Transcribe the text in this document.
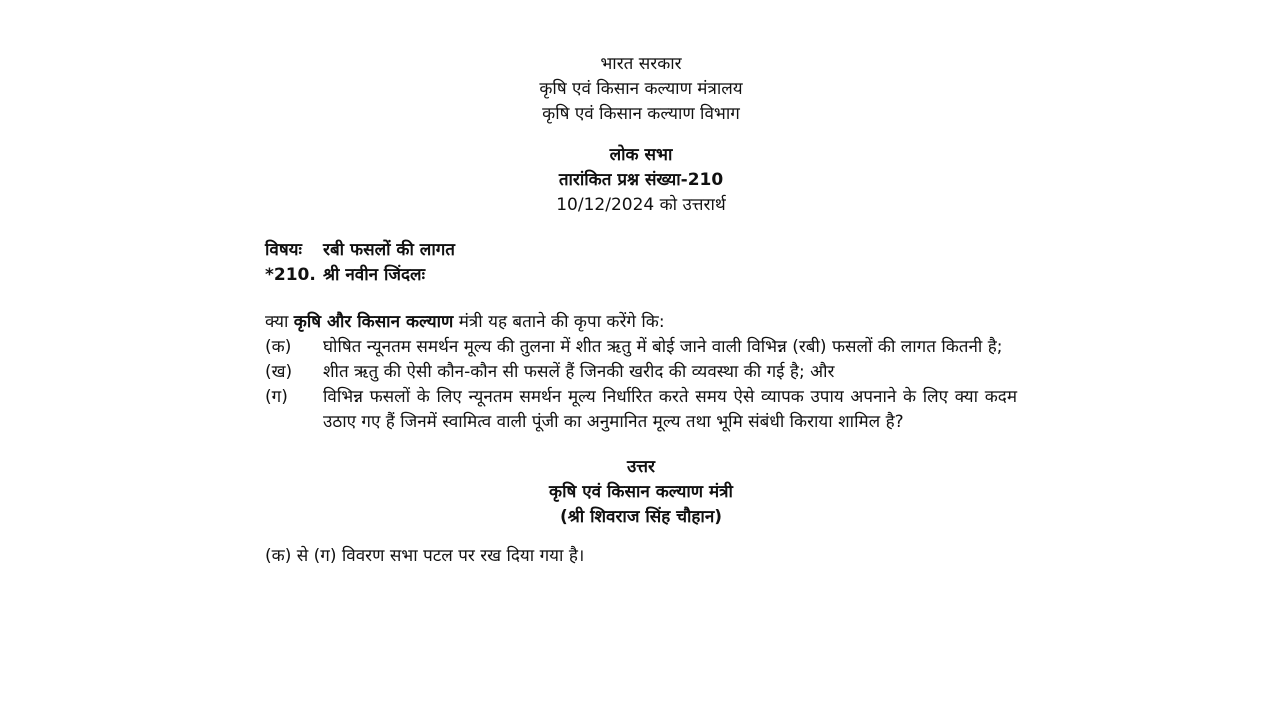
भारत सरकार
कृषि एवं किसान कल्याण मंत्रालय
कृषि एवं किसान कल्याण विभाग
लोक सभा
तारांकित प्रश्न संख्या-210
10/12/2024 को उत्तरार्थ
विषयः	रबी फसलों की लागत
*210. श्री नवीन जिंदलः
क्या कृषि और किसान कल्याण मंत्री यह बताने की कृपा करेंगे कि:
(क)	घोषित न्यूनतम समर्थन मूल्य की तुलना में शीत ऋतु में बोई जाने वाली विभिन्न (रबी) फसलों की लागत कितनी है;
(ख)	शीत ऋतु की ऐसी कौन-कौन सी फसलें हैं जिनकी खरीद की व्यवस्था की गई है; और
(ग)	विभिन्न फसलों के लिए न्यूनतम समर्थन मूल्य निर्धारित करते समय ऐसे व्यापक उपाय अपनाने के लिए क्या कदम उठाए गए हैं जिनमें स्वामित्व वाली पूंजी का अनुमानित मूल्य तथा भूमि संबंधी किराया शामिल है?
उत्तर
कृषि एवं किसान कल्याण मंत्री
(श्री शिवराज सिंह चौहान)
(क) से (ग) विवरण सभा पटल पर रख दिया गया है।
